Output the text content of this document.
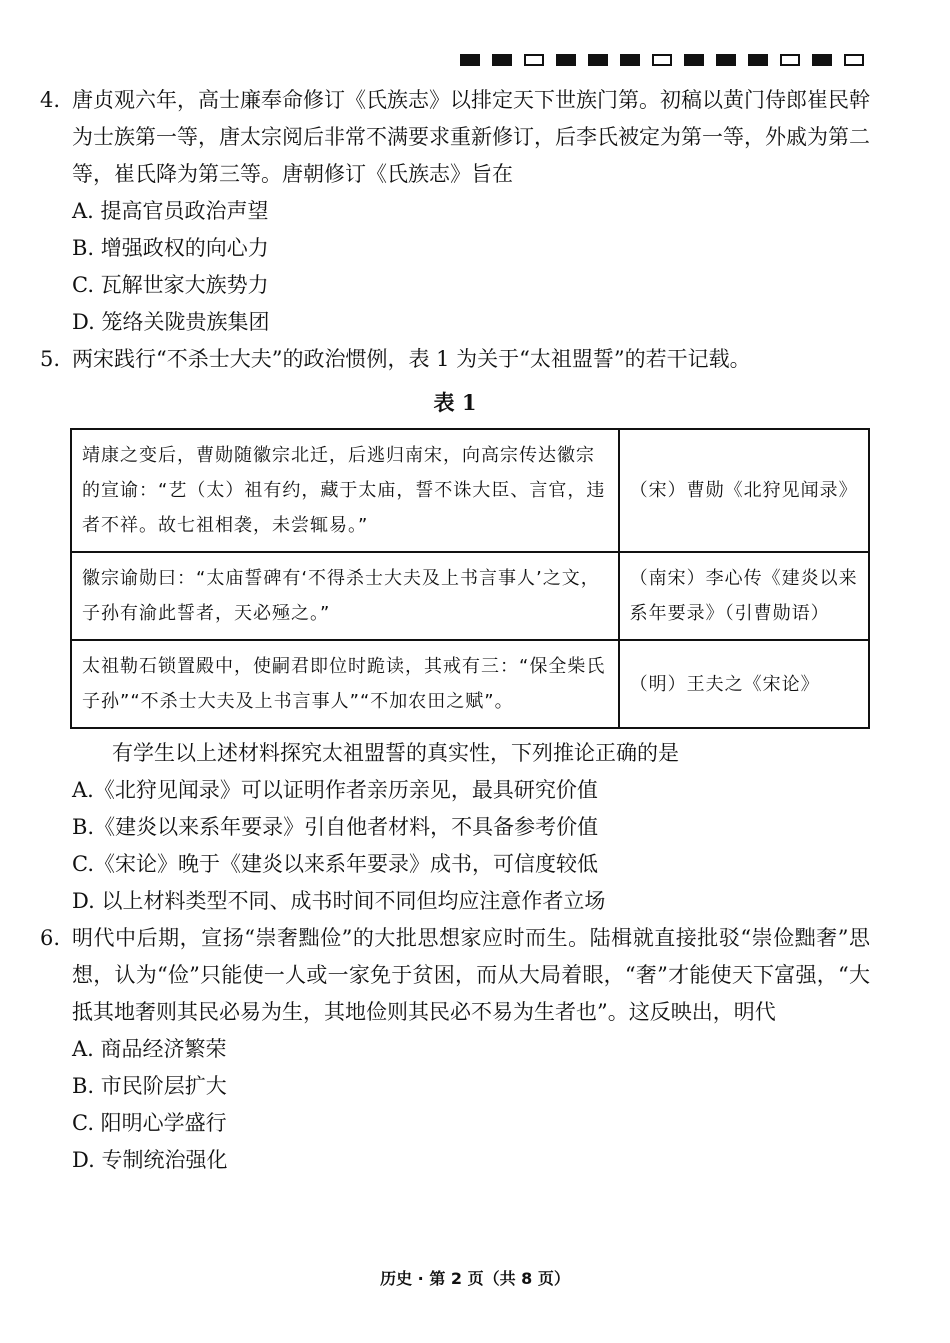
4. 唐贞观六年，高士廉奉命修订《氏族志》以排定天下世族门第。初稿以黄门侍郎崔民幹为士族第一等，唐太宗阅后非常不满要求重新修订，后李氏被定为第一等，外戚为第二等，崔氏降为第三等。唐朝修订《氏族志》旨在
A. 提高官员政治声望
B. 增强政权的向心力
C. 瓦解世家大族势力
D. 笼络关陇贵族集团
5. 两宋践行“不杀士大夫”的政治惯例，表 1 为关于“太祖盟誓”的若干记载。
表 1
靖康之变后，曹勋随徽宗北迁，后逃归南宋，向高宗传达徽宗的宣谕：“艺（太）祖有约，藏于太庙，誓不诛大臣、言官，违者不祥。故七祖相袭，未尝辄易。”	（宋）曹勋《北狩见闻录》
徽宗谕勋曰：“太庙誓碑有‘不得杀士大夫及上书言事人’之文，子孙有渝此誓者，天必殛之。”	（南宋）李心传《建炎以来系年要录》（引曹勋语）
太祖勒石锁置殿中，使嗣君即位时跪读，其戒有三：“保全柴氏子孙”“不杀士大夫及上书言事人”“不加农田之赋”。	（明）王夫之《宋论》
有学生以上述材料探究太祖盟誓的真实性，下列推论正确的是
A.《北狩见闻录》可以证明作者亲历亲见，最具研究价值
B.《建炎以来系年要录》引自他者材料，不具备参考价值
C.《宋论》晚于《建炎以来系年要录》成书，可信度较低
D. 以上材料类型不同、成书时间不同但均应注意作者立场
6. 明代中后期，宣扬“崇奢黜俭”的大批思想家应时而生。陆楫就直接批驳“崇俭黜奢”思想，认为“俭”只能使一人或一家免于贫困，而从大局着眼，“奢”才能使天下富强，“大抵其地奢则其民必易为生，其地俭则其民必不易为生者也”。这反映出，明代
A. 商品经济繁荣
B. 市民阶层扩大
C. 阳明心学盛行
D. 专制统治强化
历史 · 第 2 页（共 8 页）
